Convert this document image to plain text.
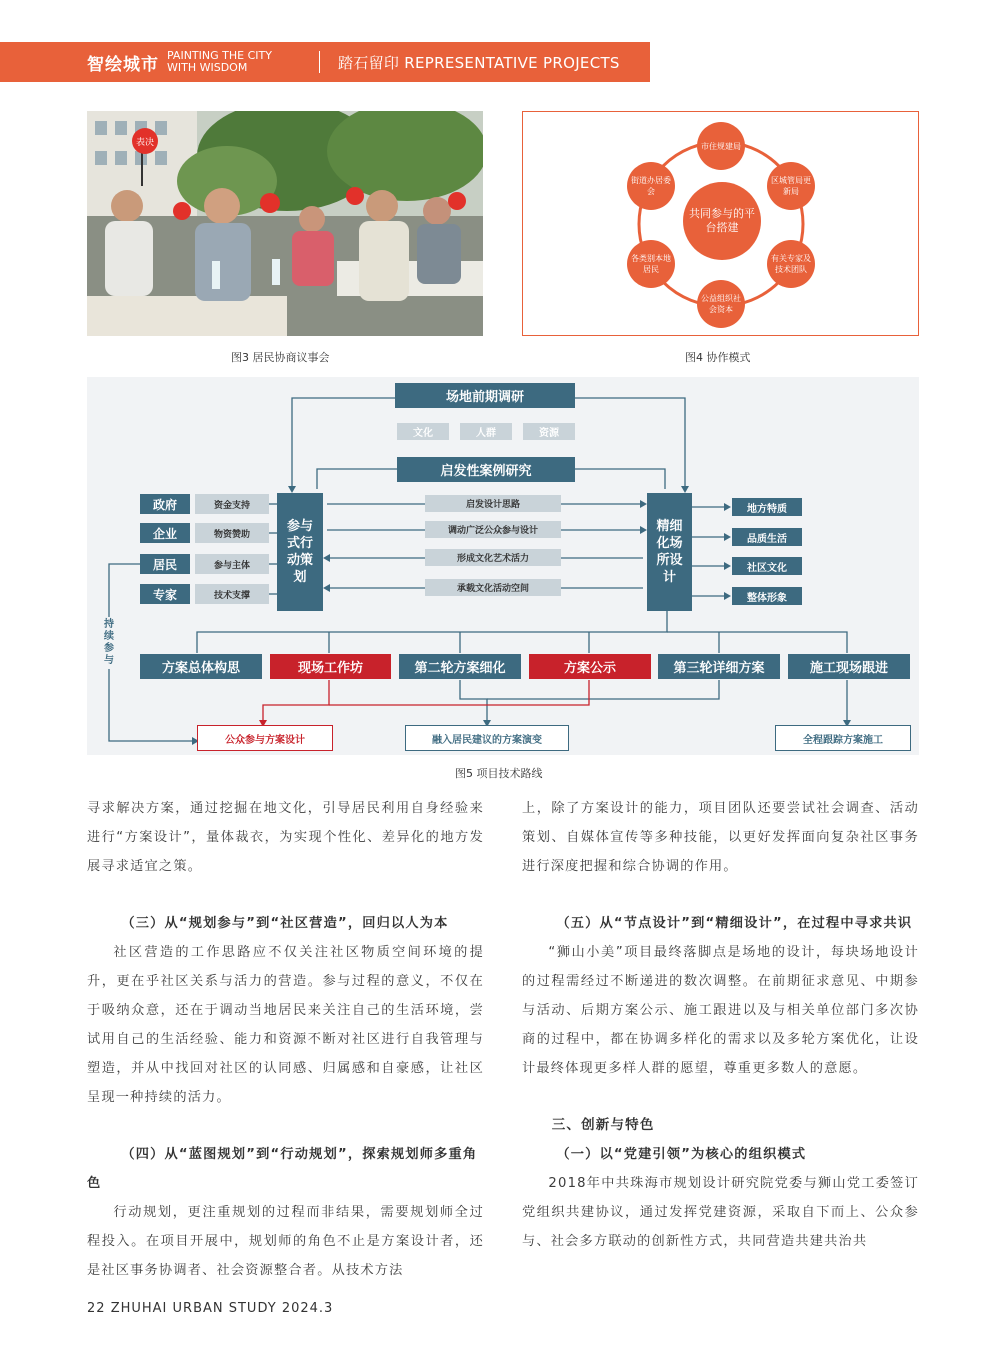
智绘城市 PAINTING THE CITY WITH WISDOM	踏石留印 REPRESENTATIVE PROJECTS
表决
图3 居民协商议事会
共同参与的平台搭建
市住规建局
区城管局更新局
有关专家及技术团队
公益组织社会资本
各类别本地居民
街道办居委会
图4 协作模式
场地前期调研
文化	人群	资源
启发性案例研究
政府	资金支持
企业	物资赞助
居民	参与主体
专家	技术支撑
参与式行动策划
精细化场所设计
启发设计思路
调动广泛公众参与设计
形成文化艺术活力
承载文化活动空间
地方特质
品质生活
社区文化
整体形象
持续参与
方案总体构思	现场工作坊	第二轮方案细化	方案公示	第三轮详细方案	施工现场跟进
公众参与方案设计	融入居民建议的方案演变	全程跟踪方案施工
图5 项目技术路线

寻求解决方案，通过挖掘在地文化，引导居民利用自身经验来进行“方案设计”，量体裁衣，为实现个性化、差异化的地方发展寻求适宜之策。

（三）从“规划参与”到“社区营造”，回归以人为本

社区营造的工作思路应不仅关注社区物质空间环境的提升，更在乎社区关系与活力的营造。参与过程的意义，不仅在于吸纳众意，还在于调动当地居民来关注自己的生活环境，尝试用自己的生活经验、能力和资源不断对社区进行自我管理与塑造，并从中找回对社区的认同感、归属感和自豪感，让社区呈现一种持续的活力。

（四）从“蓝图规划”到“行动规划”，探索规划师多重角色

行动规划，更注重规划的过程而非结果，需要规划师全过程投入。在项目开展中，规划师的角色不止是方案设计者，还是社区事务协调者、社会资源整合者。从技术方法

上，除了方案设计的能力，项目团队还要尝试社会调查、活动策划、自媒体宣传等多种技能，以更好发挥面向复杂社区事务进行深度把握和综合协调的作用。

（五）从“节点设计”到“精细设计”，在过程中寻求共识

“狮山小美”项目最终落脚点是场地的设计，每块场地设计的过程需经过不断递进的数次调整。在前期征求意见、中期参与活动、后期方案公示、施工跟进以及与相关单位部门多次协商的过程中，都在协调多样化的需求以及多轮方案优化，让设计最终体现更多样人群的愿望，尊重更多数人的意愿。

三、创新与特色
（一）以“党建引领”为核心的组织模式

2018年中共珠海市规划设计研究院党委与狮山党工委签订党组织共建协议，通过发挥党建资源，采取自下而上、公众参与、社会多方联动的创新性方式，共同营造共建共治共

22 ZHUHAI URBAN STUDY 2024.3
